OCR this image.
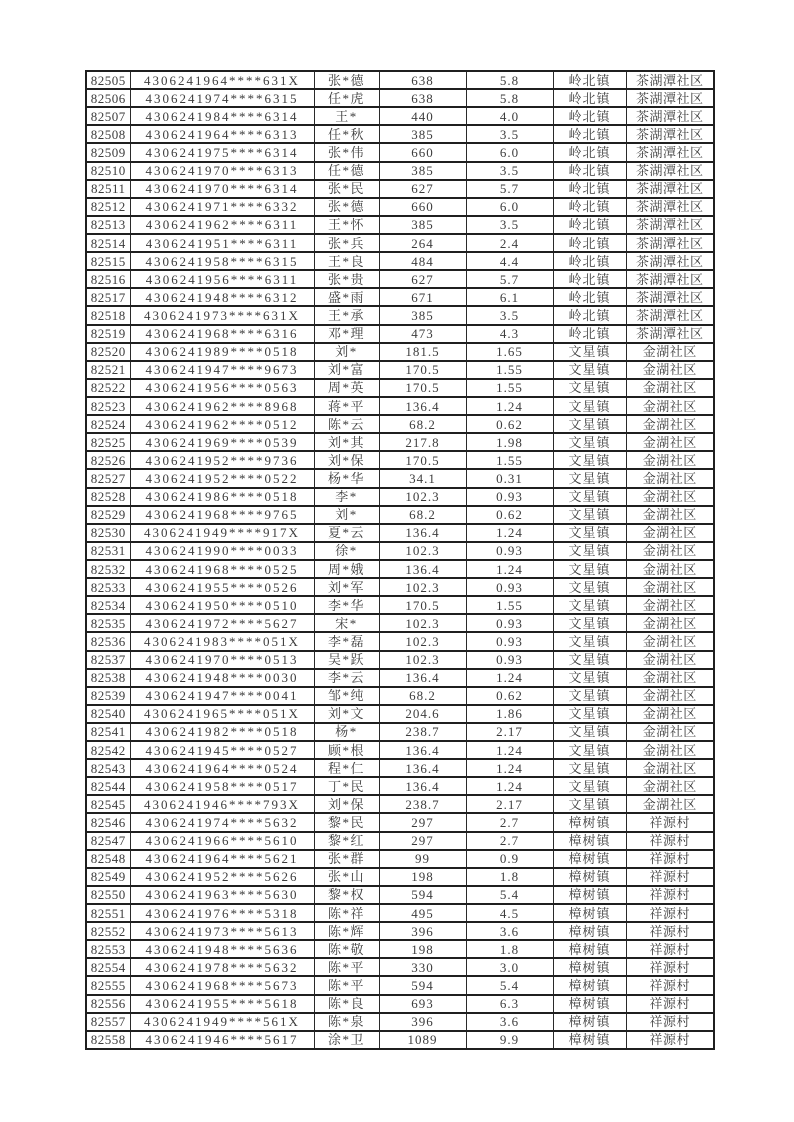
82505	4306241964****631X	张*德	638	5.8	岭北镇	茶湖潭社区
82506	4306241974****6315	任*虎	638	5.8	岭北镇	茶湖潭社区
82507	4306241984****6314	王*	440	4.0	岭北镇	茶湖潭社区
82508	4306241964****6313	任*秋	385	3.5	岭北镇	茶湖潭社区
82509	4306241975****6314	张*伟	660	6.0	岭北镇	茶湖潭社区
82510	4306241970****6313	任*德	385	3.5	岭北镇	茶湖潭社区
82511	4306241970****6314	张*民	627	5.7	岭北镇	茶湖潭社区
82512	4306241971****6332	张*德	660	6.0	岭北镇	茶湖潭社区
82513	4306241962****6311	王*怀	385	3.5	岭北镇	茶湖潭社区
82514	4306241951****6311	张*兵	264	2.4	岭北镇	茶湖潭社区
82515	4306241958****6315	王*良	484	4.4	岭北镇	茶湖潭社区
82516	4306241956****6311	张*贵	627	5.7	岭北镇	茶湖潭社区
82517	4306241948****6312	盛*雨	671	6.1	岭北镇	茶湖潭社区
82518	4306241973****631X	王*承	385	3.5	岭北镇	茶湖潭社区
82519	4306241968****6316	邓*理	473	4.3	岭北镇	茶湖潭社区
82520	4306241989****0518	刘*	181.5	1.65	文星镇	金湖社区
82521	4306241947****9673	刘*富	170.5	1.55	文星镇	金湖社区
82522	4306241956****0563	周*英	170.5	1.55	文星镇	金湖社区
82523	4306241962****8968	蒋*平	136.4	1.24	文星镇	金湖社区
82524	4306241962****0512	陈*云	68.2	0.62	文星镇	金湖社区
82525	4306241969****0539	刘*其	217.8	1.98	文星镇	金湖社区
82526	4306241952****9736	刘*保	170.5	1.55	文星镇	金湖社区
82527	4306241952****0522	杨*华	34.1	0.31	文星镇	金湖社区
82528	4306241986****0518	李*	102.3	0.93	文星镇	金湖社区
82529	4306241968****9765	刘*	68.2	0.62	文星镇	金湖社区
82530	4306241949****917X	夏*云	136.4	1.24	文星镇	金湖社区
82531	4306241990****0033	徐*	102.3	0.93	文星镇	金湖社区
82532	4306241968****0525	周*娥	136.4	1.24	文星镇	金湖社区
82533	4306241955****0526	刘*军	102.3	0.93	文星镇	金湖社区
82534	4306241950****0510	李*华	170.5	1.55	文星镇	金湖社区
82535	4306241972****5627	宋*	102.3	0.93	文星镇	金湖社区
82536	4306241983****051X	李*磊	102.3	0.93	文星镇	金湖社区
82537	4306241970****0513	吴*跃	102.3	0.93	文星镇	金湖社区
82538	4306241948****0030	李*云	136.4	1.24	文星镇	金湖社区
82539	4306241947****0041	邹*纯	68.2	0.62	文星镇	金湖社区
82540	4306241965****051X	刘*文	204.6	1.86	文星镇	金湖社区
82541	4306241982****0518	杨*	238.7	2.17	文星镇	金湖社区
82542	4306241945****0527	顾*根	136.4	1.24	文星镇	金湖社区
82543	4306241964****0524	程*仁	136.4	1.24	文星镇	金湖社区
82544	4306241958****0517	丁*民	136.4	1.24	文星镇	金湖社区
82545	4306241946****793X	刘*保	238.7	2.17	文星镇	金湖社区
82546	4306241974****5632	黎*民	297	2.7	樟树镇	祥源村
82547	4306241966****5610	黎*红	297	2.7	樟树镇	祥源村
82548	4306241964****5621	张*群	99	0.9	樟树镇	祥源村
82549	4306241952****5626	张*山	198	1.8	樟树镇	祥源村
82550	4306241963****5630	黎*权	594	5.4	樟树镇	祥源村
82551	4306241976****5318	陈*祥	495	4.5	樟树镇	祥源村
82552	4306241973****5613	陈*辉	396	3.6	樟树镇	祥源村
82553	4306241948****5636	陈*敬	198	1.8	樟树镇	祥源村
82554	4306241978****5632	陈*平	330	3.0	樟树镇	祥源村
82555	4306241968****5673	陈*平	594	5.4	樟树镇	祥源村
82556	4306241955****5618	陈*良	693	6.3	樟树镇	祥源村
82557	4306241949****561X	陈*泉	396	3.6	樟树镇	祥源村
82558	4306241946****5617	涂*卫	1089	9.9	樟树镇	祥源村
